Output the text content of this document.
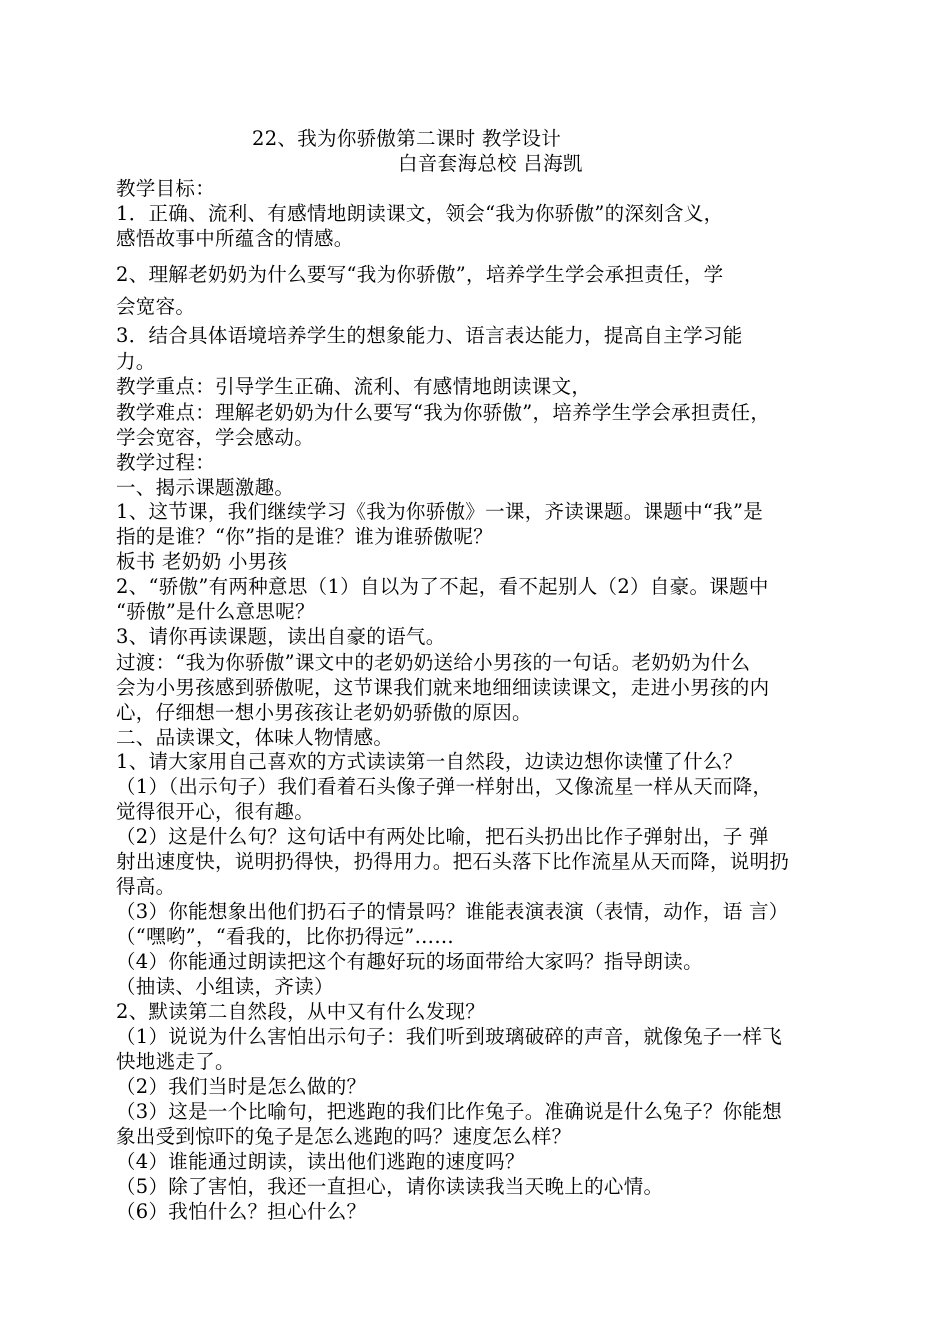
22、我为你骄傲第二课时 教学设计
白音套海总校 吕海凯
教学目标：
1．正确、流利、有感情地朗读课文，领会“我为你骄傲”的深刻含义，
感悟故事中所蕴含的情感。
2、理解老奶奶为什么要写“我为你骄傲”，培养学生学会承担责任，学
会宽容。
3．结合具体语境培养学生的想象能力、语言表达能力，提高自主学习能
力。
教学重点：引导学生正确、流利、有感情地朗读课文，
教学难点：理解老奶奶为什么要写“我为你骄傲”，培养学生学会承担责任，
学会宽容，学会感动。
教学过程：
一、揭示课题激趣。
1、这节课，我们继续学习《我为你骄傲》一课，齐读课题。课题中“我”是
指的是谁？“你”指的是谁？谁为谁骄傲呢？
板书 老奶奶 小男孩
2、“骄傲”有两种意思（1）自以为了不起，看不起别人（2）自豪。课题中
“骄傲”是什么意思呢？
3、请你再读课题，读出自豪的语气。
过渡：“我为你骄傲”课文中的老奶奶送给小男孩的一句话。老奶奶为什么
会为小男孩感到骄傲呢，这节课我们就来地细细读读课文，走进小男孩的内
心，仔细想一想小男孩孩让老奶奶骄傲的原因。
二、品读课文，体味人物情感。
1、请大家用自己喜欢的方式读读第一自然段，边读边想你读懂了什么？
（1）（出示句子）我们看着石头像子弹一样射出，又像流星一样从天而降，
觉得很开心，很有趣。
（2）这是什么句？这句话中有两处比喻，把石头扔出比作子弹射出，子 弹
射出速度快，说明扔得快，扔得用力。把石头落下比作流星从天而降，说明扔
得高。
（3）你能想象出他们扔石子的情景吗？谁能表演表演（表情，动作，语 言）
（“嘿哟”，“看我的，比你扔得远”……
（4）你能通过朗读把这个有趣好玩的场面带给大家吗？指导朗读。
（抽读、小组读，齐读）
2、默读第二自然段，从中又有什么发现？
（1）说说为什么害怕出示句子：我们听到玻璃破碎的声音，就像兔子一样飞
快地逃走了。
（2）我们当时是怎么做的？
（3）这是一个比喻句，把逃跑的我们比作兔子。准确说是什么兔子？你能想
象出受到惊吓的兔子是怎么逃跑的吗？速度怎么样？
（4）谁能通过朗读，读出他们逃跑的速度吗？
（5）除了害怕，我还一直担心，请你读读我当天晚上的心情。
（6）我怕什么？担心什么？
